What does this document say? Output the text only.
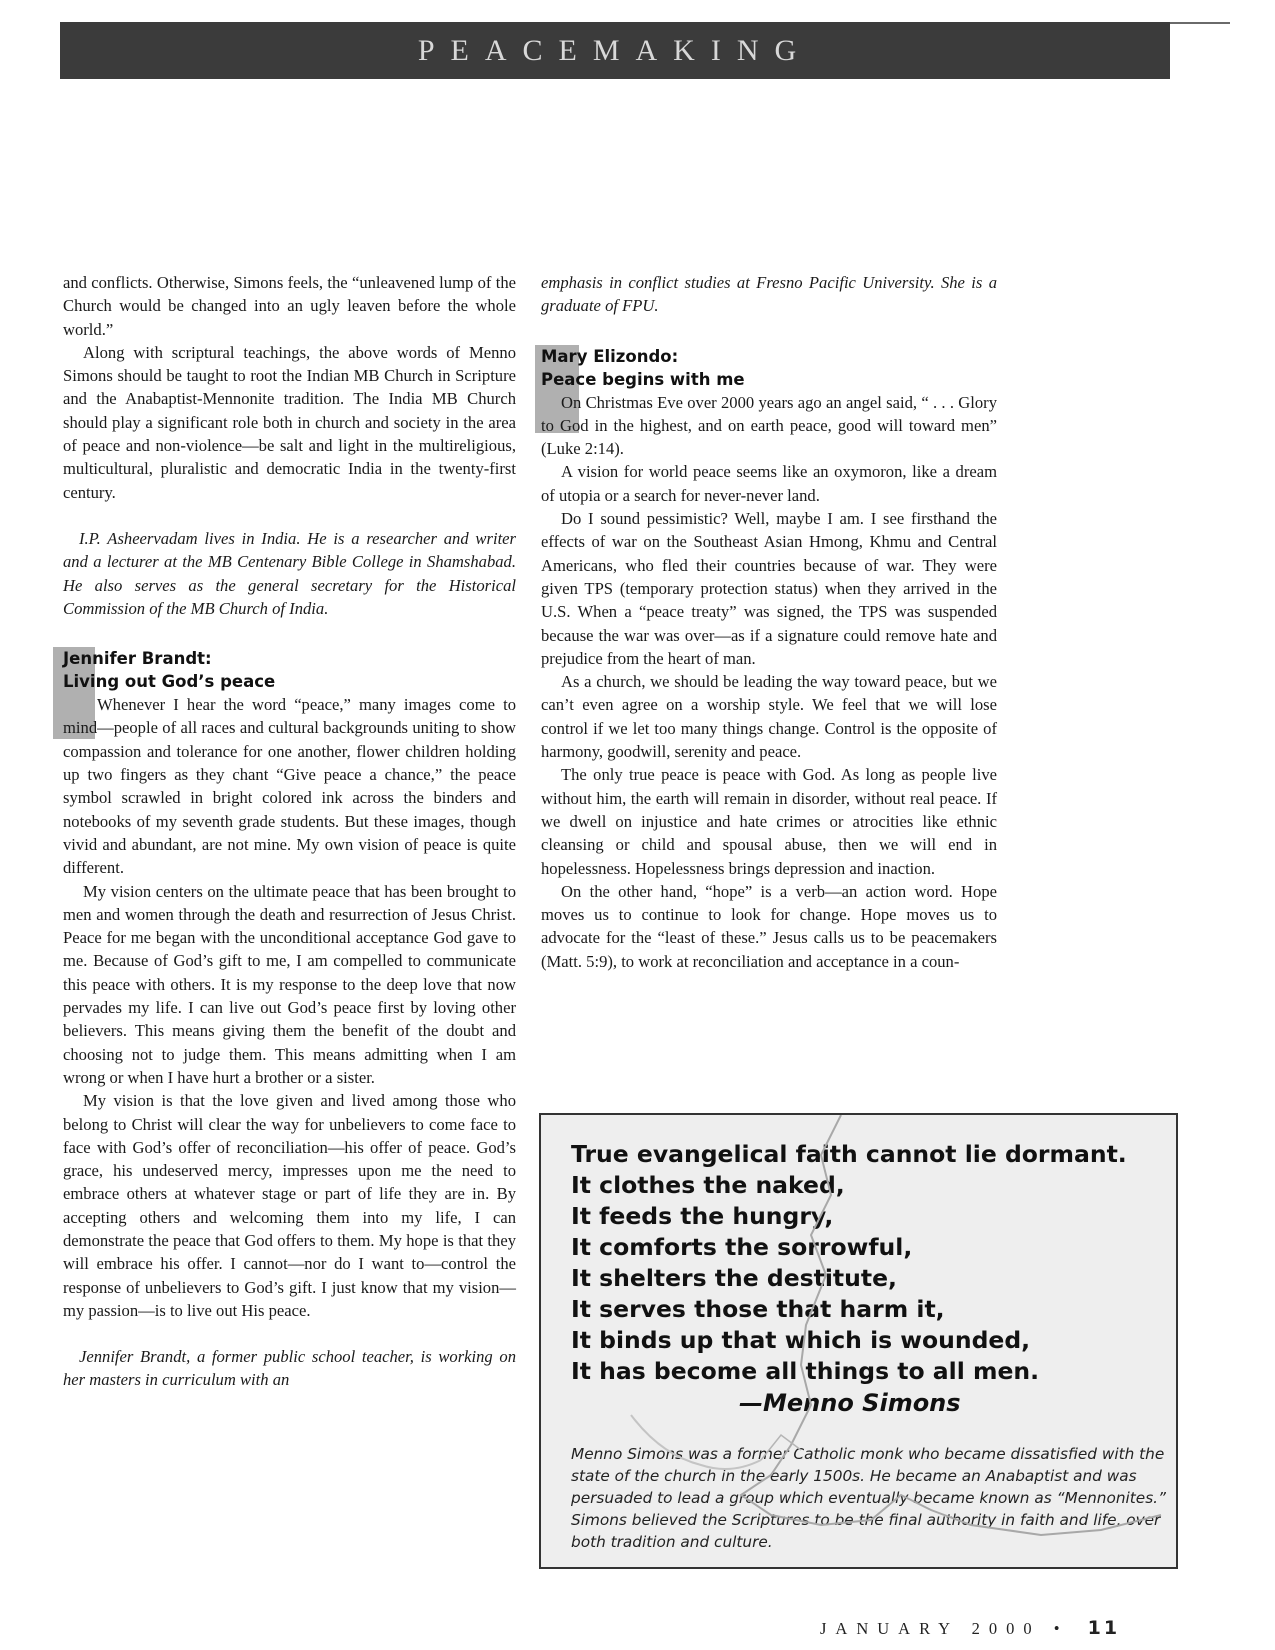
PEACEMAKING

and conflicts. Otherwise, Simons feels, the “unleavened lump of the Church would be changed into an ugly leaven before the whole world.”

Along with scriptural teachings, the above words of Menno Simons should be taught to root the Indian MB Church in Scripture and the Anabaptist-Mennonite tradition. The India MB Church should play a significant role both in church and society in the area of peace and non-violence—be salt and light in the multireligious, multicultural, pluralistic and democratic India in the twenty-first century.

I.P. Asheervadam lives in India. He is a researcher and writer and a lecturer at the MB Centenary Bible College in Shamshabad. He also serves as the general secretary for the Historical Commission of the MB Church of India.

Jennifer Brandt:
Living out God’s peace

Whenever I hear the word “peace,” many images come to mind—people of all races and cultural backgrounds uniting to show compassion and tolerance for one another, flower children holding up two fingers as they chant “Give peace a chance,” the peace symbol scrawled in bright colored ink across the binders and notebooks of my seventh grade students. But these images, though vivid and abundant, are not mine. My own vision of peace is quite different.

My vision centers on the ultimate peace that has been brought to men and women through the death and resurrection of Jesus Christ. Peace for me began with the unconditional acceptance God gave to me. Because of God’s gift to me, I am compelled to communicate this peace with others. It is my response to the deep love that now pervades my life. I can live out God’s peace first by loving other believers. This means giving them the benefit of the doubt and choosing not to judge them. This means admitting when I am wrong or when I have hurt a brother or a sister.

My vision is that the love given and lived among those who belong to Christ will clear the way for unbelievers to come face to face with God’s offer of reconciliation—his offer of peace. God’s grace, his undeserved mercy, impresses upon me the need to embrace others at whatever stage or part of life they are in. By accepting others and welcoming them into my life, I can demonstrate the peace that God offers to them. My hope is that they will embrace his offer. I cannot—nor do I want to—control the response of unbelievers to God’s gift. I just know that my vision—my passion—is to live out His peace.

Jennifer Brandt, a former public school teacher, is working on her masters in curriculum with an

emphasis in conflict studies at Fresno Pacific University. She is a graduate of FPU.

Mary Elizondo:
Peace begins with me

On Christmas Eve over 2000 years ago an angel said, “ . . . Glory to God in the highest, and on earth peace, good will toward men” (Luke 2:14).

A vision for world peace seems like an oxymoron, like a dream of utopia or a search for never-never land.

Do I sound pessimistic? Well, maybe I am. I see firsthand the effects of war on the Southeast Asian Hmong, Khmu and Central Americans, who fled their countries because of war. They were given TPS (temporary protection status) when they arrived in the U.S. When a “peace treaty” was signed, the TPS was suspended because the war was over—as if a signature could remove hate and prejudice from the heart of man.

As a church, we should be leading the way toward peace, but we can’t even agree on a worship style. We feel that we will lose control if we let too many things change. Control is the opposite of harmony, goodwill, serenity and peace.

The only true peace is peace with God. As long as people live without him, the earth will remain in disorder, without real peace. If we dwell on injustice and hate crimes or atrocities like ethnic cleansing or child and spousal abuse, then we will end in hopelessness. Hopelessness brings depression and inaction.

On the other hand, “hope” is a verb—an action word. Hope moves us to continue to look for change. Hope moves us to advocate for the “least of these.” Jesus calls us to be peacemakers (Matt. 5:9), to work at reconciliation and acceptance in a coun-

True evangelical faith cannot lie dormant.
It clothes the naked,
It feeds the hungry,
It comforts the sorrowful,
It shelters the destitute,
It serves those that harm it,
It binds up that which is wounded,
It has become all things to all men.
—Menno Simons
Menno Simons was a former Catholic monk who became dissatisfied with the state of the church in the early 1500s. He became an Anabaptist and was persuaded to lead a group which eventually became known as “Mennonites.” Simons believed the Scriptures to be the final authority in faith and life, over both tradition and culture.
JANUARY 2000 • 11
